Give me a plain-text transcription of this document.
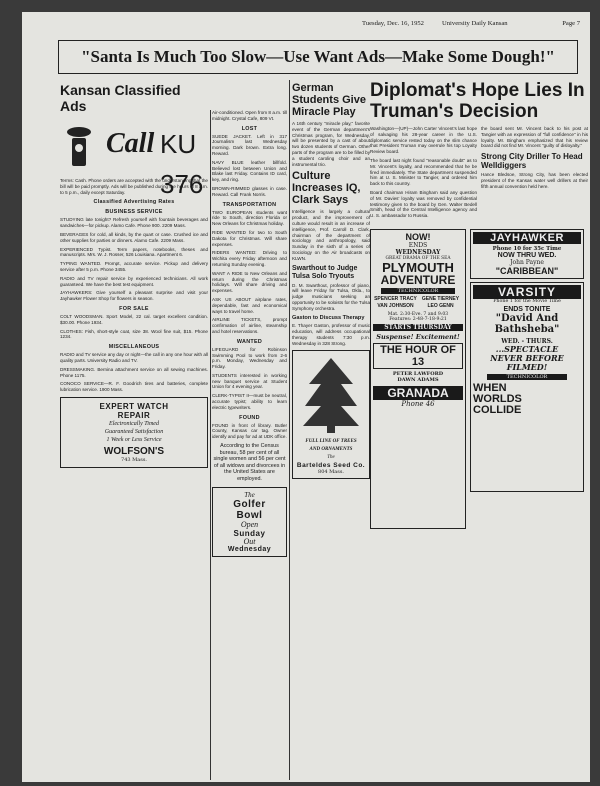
Tuesday, Dec. 16, 1952	University Daily Kansan	Page 7
"Santa Is Much Too Slow—Use Want Ads—Make Some Dough!"
Kansan Classified Ads
Call KU 376
Terms: Cash. Phone orders are accepted with the understanding that the bill will be paid promptly. Ads will be published during the hours of 8 a.m. to 5 p.m., daily except Saturday.
Classified Advertising Rates
BUSINESS SERVICE
STUDYING late tonight? Refresh yourself with fountain beverages and sandwiches—for pickup. Alamo Cafe. Phone 900. 2209 Mass.
BEVERAGES for cold, all kinds, by the quart or case. Crushed ice and other supplies for parties or dinners. Alamo Cafe. 2209 Mass.
EXPERIENCED Typist. Term papers, notebooks, theses and manuscripts. Mrs. W. J. Rosser, 526 Louisiana. Apartment 6.
TYPING WANTED. Prompt, accurate service. Pickup and delivery service after 5 p.m. Phone 3455.
RADIO and TV repair service by experienced technicians. All work guaranteed. We have the best test equipment.
JAYHAWKERS: Give yourself a pleasant surprise and visit your Jayhawker Flower Shop for flowers in season.
FOR SALE
COLT WOODSMAN. Sport Model, 22 cal. target excellent condition. $30.00. Phone 1934.
CLOTHES: Fish, short-style coat, size 38. Wool fine suit, $15. Phone 1234.
MISCELLANEOUS
RADIO and TV service any day or night—the call in any one hour with all quality parts. University Radio and TV.
DRESSMAKING. Bernina attachment service on all sewing machines. Phone 1175.
CONOCO SERVICE—R. F. Goodrich tires and batteries, complete lubrication service. 1900 Mass.
EXPERT WATCH
REPAIR
Electronically Timed
Guaranteed Satisfaction
1 Week or Less Service
WOLFSON'S
743 Mass.
Air-conditioned. Open from 8 a.m. till midnight. Crystal Cafe, 809 Vt.
LOST
SUEDE JACKET. Left in 317 Journalism last Wednesday morning. Dark brown. Extra long. Reward.
NAVY BLUE leather billfold. Believed lost between Union and Blake last Friday. Contains ID card, key, and ring.
BROWN-RIMMED glasses in case. Reward. Call Frank Norris.
TRANSPORTATION
TWO EUROPEAN students want ride to South, direction Florida or New Orleans for Christmas holiday.
RIDE WANTED for two to South Dakota for Christmas. Will share expenses.
RIDERS WANTED: Driving to Wichita every Friday afternoon and returning Sunday evening.
WANT A RIDE to New Orleans and return during the Christmas holidays. Will share driving and expenses.
ASK US ABOUT airplane rates, dependable, fast and economical ways to travel home.
AIRLINE TICKETS, prompt confirmation of airline, steamship and hotel reservations.
WANTED
LIFEGUARD for Robinson Swimming Pool to work from 2-6 p.m. Monday, Wednesday and Friday.
STUDENTS interested in working new banquet service at Student Union for 4 evening year.
CLERK-TYPIST II—must be neutral, accurate typist; ability to learn electric typewriters.
FOUND
FOUND in front of library. Butler County, Kansas car tag. Owner identify and pay for ad at UDK office.
According to the Census bureau, 58 per cent of all single women and 56 per cent of all widows and divorcees in the United States are employed.
The
Golfer
Bowl
Open
Sunday
Out
Wednesday
German Students Give Miracle Play
A 16th century "miracle play," favorite event of the German department's Christmas program, for Wednesday, will be presented by a cast of about two dozen students of German. Other parts of the program are to be filled by a student caroling choir and an instrumental trio.
Culture Increases IQ, Clark Says
Intelligence is largely a cultural product, and the improvement of culture would result in an increase of intelligence, Prof. Carroll D. Clark, chairman of the department of sociology and anthropology, said Sunday in the sixth of a series of Sociology on the Air broadcasts on KLWN.
Swarthout to Judge Tulsa Solo Tryouts
D. M. Swarthout, professor of piano, will leave Friday for Tulsa, Okla., to judge musicians seeking an opportunity to be soloists for the Tulsa Symphony orchestra.
Gaston to Discuss Therapy
E. Thayer Gaston, professor of music education, will address occupational therapy students 7:30 p.m. Wednesday in 328 Strong.
FULL LINE OF TREES
AND ORNAMENTS
The
Barteldes Seed Co.
804 Mass.
Diplomat's Hope Lies In Truman's Decision
Washington—(UP)—John Carter Vincent's last hope of salvaging his 28-year career in the U.S. diplomatic service rested today on the slim chance that President Truman may overrule his top Loyalty Review board.
The board last night found "reasonable doubt" as to Mr. Vincent's loyalty, and recommended that he be fired immediately. The State department suspended him at U. S. Minister to Tangier, and ordered him back to this country.
Board chairman Hiram Bingham said any question of Mr. Davies' loyalty was removed by confidential testimony given to the board by Gen. Walter Bedell Smith, head of the Central Intelligence agency and U. S. ambassador to Russia.
the board sent Mr. Vincent back to his post at Tangier with an expression of "full confidence" in his loyalty. Mr. Bingham emphasized that his review board did not find Mr. Vincent "guilty of disloyalty."
Strong City Driller To Head Welldiggers
Hance Bledsoe, Strong City, has been elected president of the Kansas water well drillers at their fifth annual convention held here.
NOW!
ENDS
WEDNESDAY
GREAT DRAMA OF THE SEA
PLYMOUTH
ADVENTURE
TECHNICOLOR
SPENCER TRACY GENE TIERNEY
VAN JOHNSON	LEO GENN
Mat. 2:30-Eve. 7 and 9:03
Features: 2-48-7-18-9:21
STARTS THURSDAY
Suspense! Excitement!
THE HOUR OF 13
PETER LAWFORD
DAWN ADAMS
GRANADA
Phone 46
JAYHAWKER
Phone 10 for 35c Time
NOW THRU WED.
John Payne
"CARIBBEAN"
VARSITY
Phone 1 for the Movie Time
ENDS TONITE
"David And
Bathsheba"
WED. - THURS.
...SPECTACLE
NEVER BEFORE
FILMED!
TECHNICOLOR
WHEN
WORLDS
COLLIDE
